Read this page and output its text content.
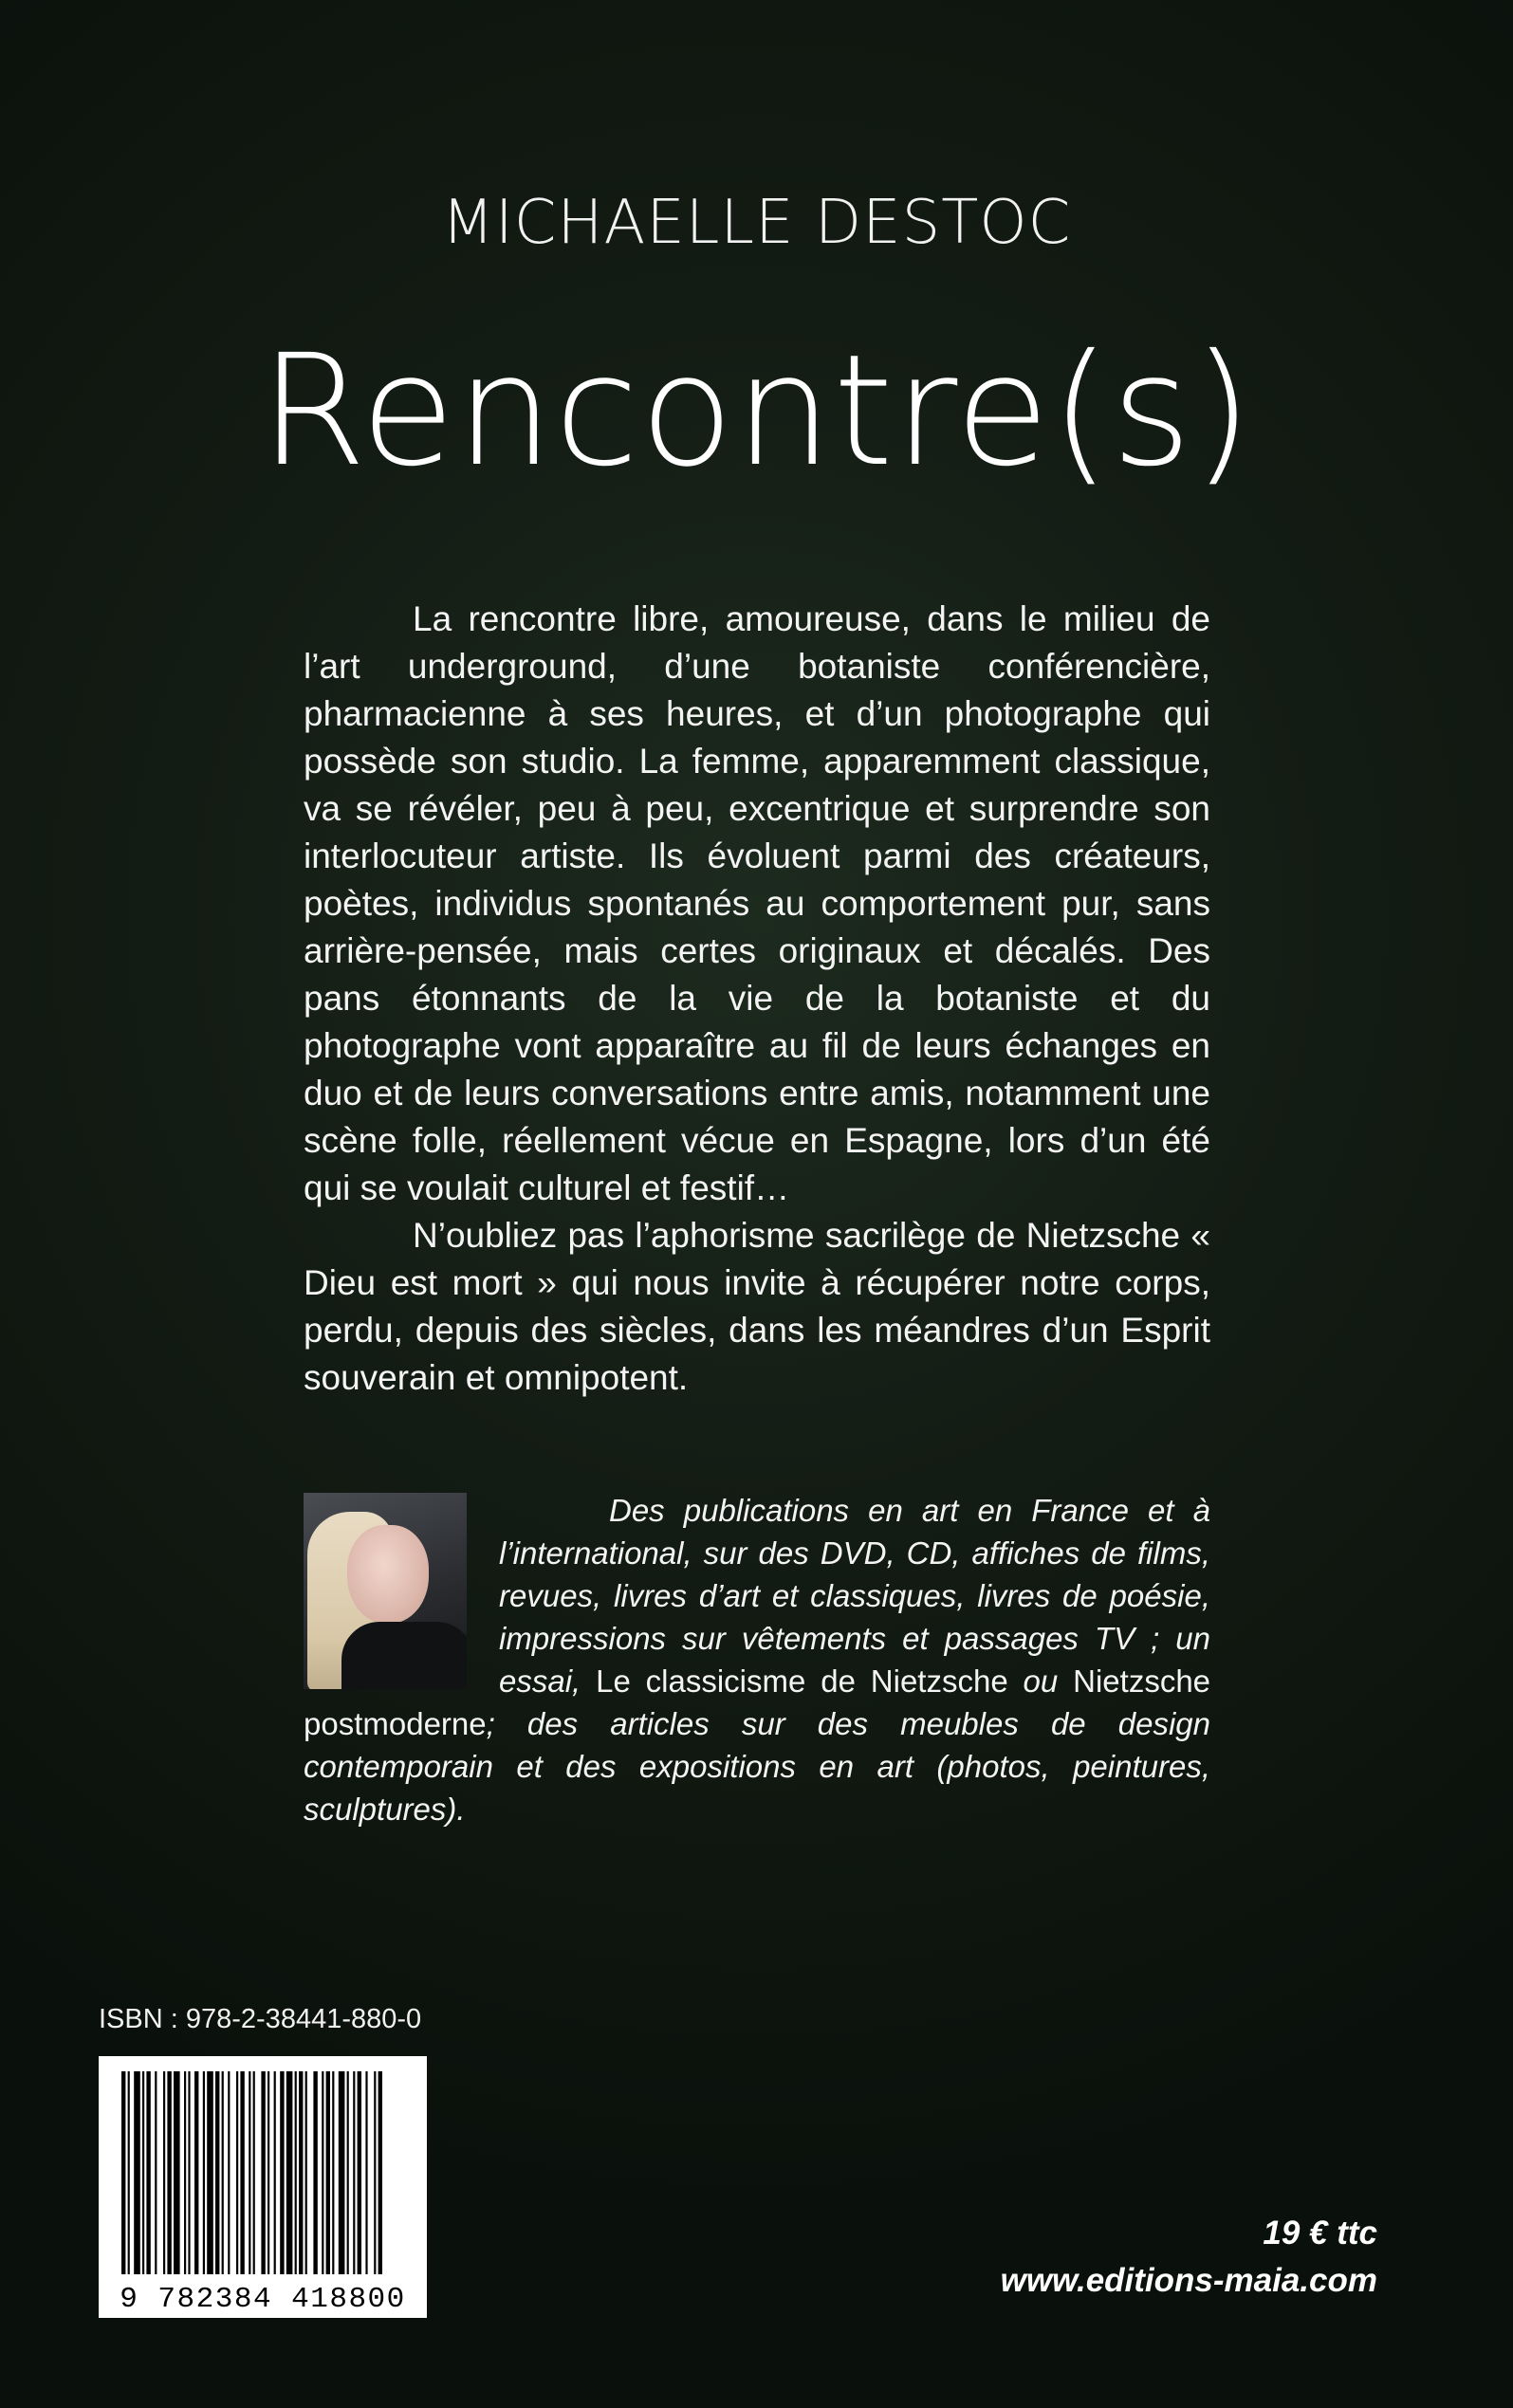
MICHAELLE DESTOC
Rencontre(s)

La rencontre libre, amoureuse, dans le milieu de l’art underground, d’une botaniste conférencière, pharmacienne à ses heures, et d’un photographe qui possède son studio. La femme, apparemment classique, va se révéler, peu à peu, excentrique et surprendre son interlocuteur artiste. Ils évoluent parmi des créateurs, poètes, individus spontanés au comportement pur, sans arrière-pensée, mais certes originaux et décalés. Des pans étonnants de la vie de la botaniste et du photographe vont apparaître au fil de leurs échanges en duo et de leurs conversations entre amis, notamment une scène folle, réellement vécue en Espagne, lors d’un été qui se voulait culturel et festif…

N’oubliez pas l’aphorisme sacrilège de Nietzsche « Dieu est mort » qui nous invite à récupérer notre corps, perdu, depuis des siècles, dans les méandres d’un Esprit souverain et omnipotent.

Des publications en art en France et à l’international, sur des DVD, CD, affiches de films, revues, livres d’art et classiques, livres de poésie, impressions sur vêtements et passages TV ; un essai, Le classicisme de Nietzsche ou Nietzsche postmoderne; des articles sur des meubles de design contemporain et des expositions en art (photos, peintures, sculptures).
ISBN : 978-2-38441-880-0
9 782384 418800
19 € ttc
www.editions-maia.com
